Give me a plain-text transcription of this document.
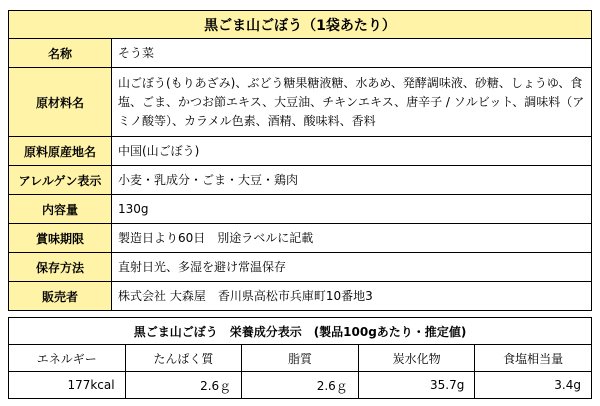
黒ごま山ごぼう（1袋あたり）	
名称	そう菜
原材料名	山ごぼう(もりあざみ)、ぶどう糖果糖液糖、水あめ、発酵調味液、砂糖、しょうゆ、食塩、ごま、かつお節エキス、大豆油、チキンエキス、唐辛子 / ソルビット、調味料（アミノ酸等）、カラメル色素、酒精、酸味料、香料
原料原産地名	中国(山ごぼう)
アレルゲン表示	小麦・乳成分・ごま・大豆・鶏肉
内容量	130g
賞味期限	製造日より60日　別途ラベルに記載
保存方法	直射日光、多湿を避け常温保存
販売者	株式会社 大森屋　香川県高松市兵庫町10番地3
黒ごま山ごぼう　栄養成分表示　(製品100gあたり・推定値)				
エネルギー	たんぱく質	脂質	炭水化物	食塩相当量
177kcal	2.6ｇ	2.6ｇ	35.7g	3.4g
